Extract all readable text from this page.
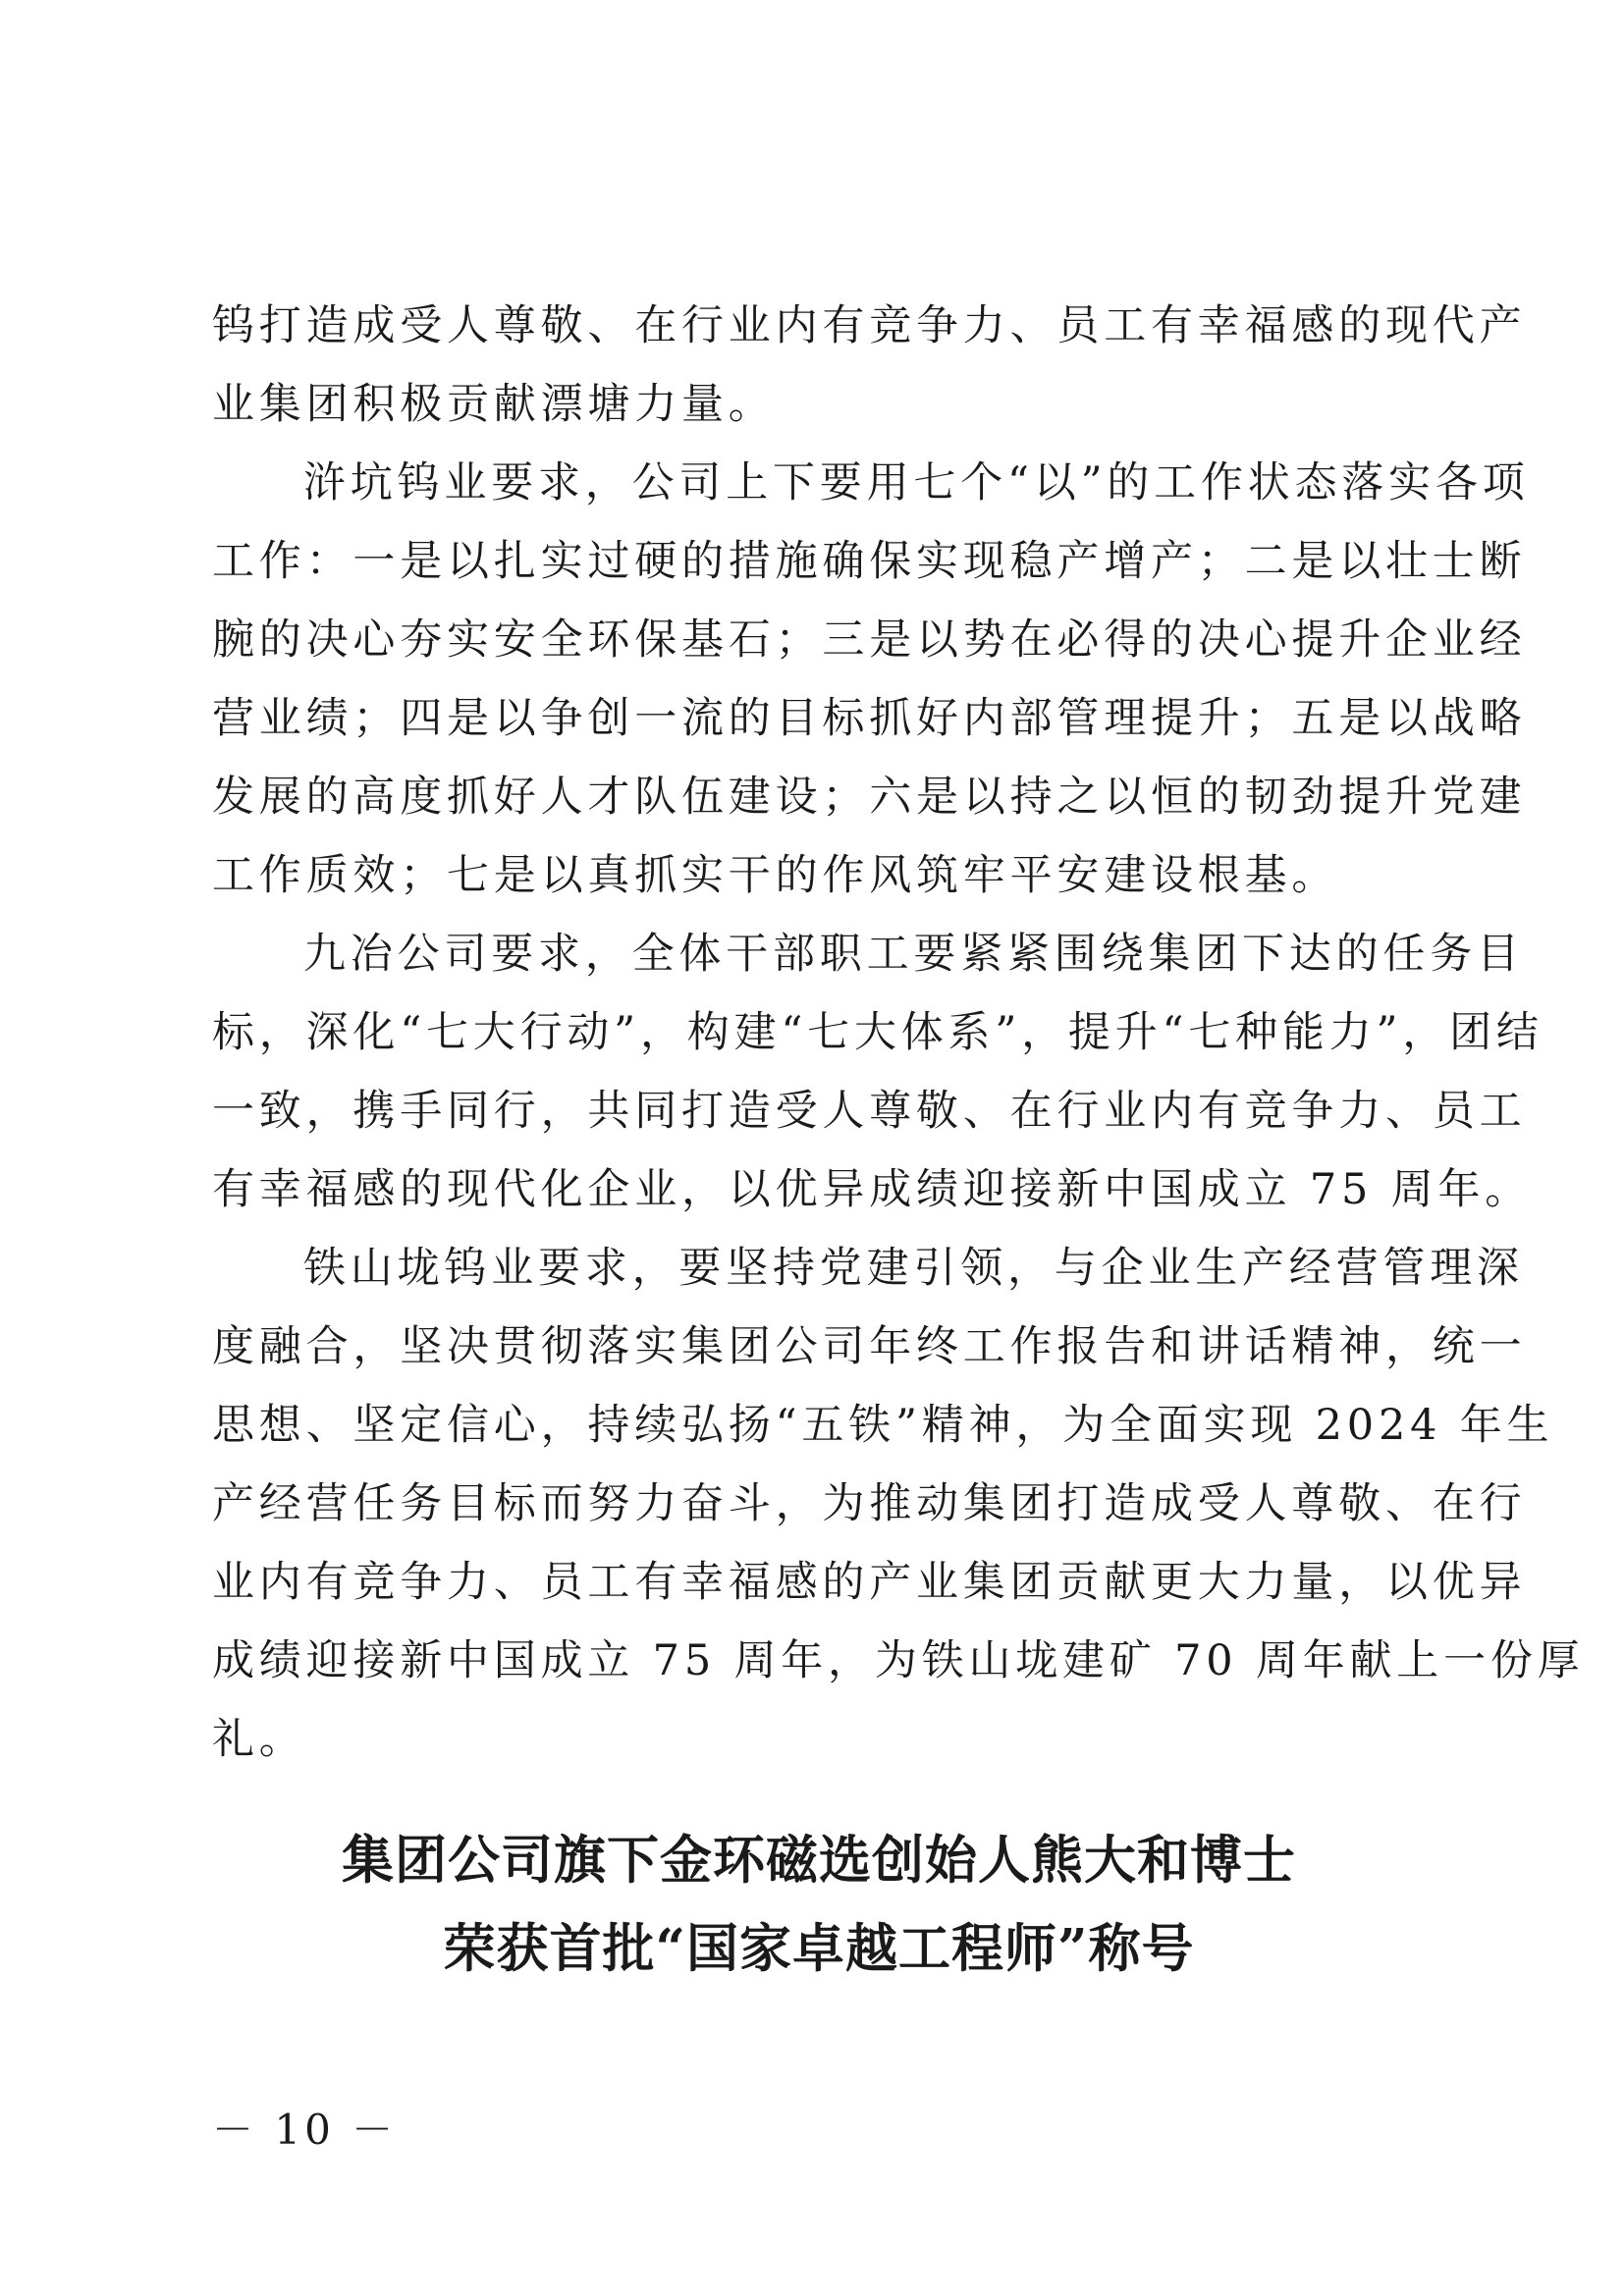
钨打造成受人尊敬、在行业内有竞争力、员工有幸福感的现代产
业集团积极贡献漂塘力量。
浒坑钨业要求，公司上下要用七个“以”的工作状态落实各项
工作：一是以扎实过硬的措施确保实现稳产增产；二是以壮士断
腕的决心夯实安全环保基石；三是以势在必得的决心提升企业经
营业绩；四是以争创一流的目标抓好内部管理提升；五是以战略
发展的高度抓好人才队伍建设；六是以持之以恒的韧劲提升党建
工作质效；七是以真抓实干的作风筑牢平安建设根基。
九冶公司要求，全体干部职工要紧紧围绕集团下达的任务目
标，深化“七大行动”，构建“七大体系”，提升“七种能力”，团结
一致，携手同行，共同打造受人尊敬、在行业内有竞争力、员工
有幸福感的现代化企业，以优异成绩迎接新中国成立 75 周年。
铁山垅钨业要求，要坚持党建引领，与企业生产经营管理深
度融合，坚决贯彻落实集团公司年终工作报告和讲话精神，统一
思想、坚定信心，持续弘扬“五铁”精神，为全面实现 2024 年生
产经营任务目标而努力奋斗，为推动集团打造成受人尊敬、在行
业内有竞争力、员工有幸福感的产业集团贡献更大力量，以优异
成绩迎接新中国成立 75 周年，为铁山垅建矿 70 周年献上一份厚
礼。
集团公司旗下金环磁选创始人熊大和博士
荣获首批“国家卓越工程师”称号
－ 10 －
